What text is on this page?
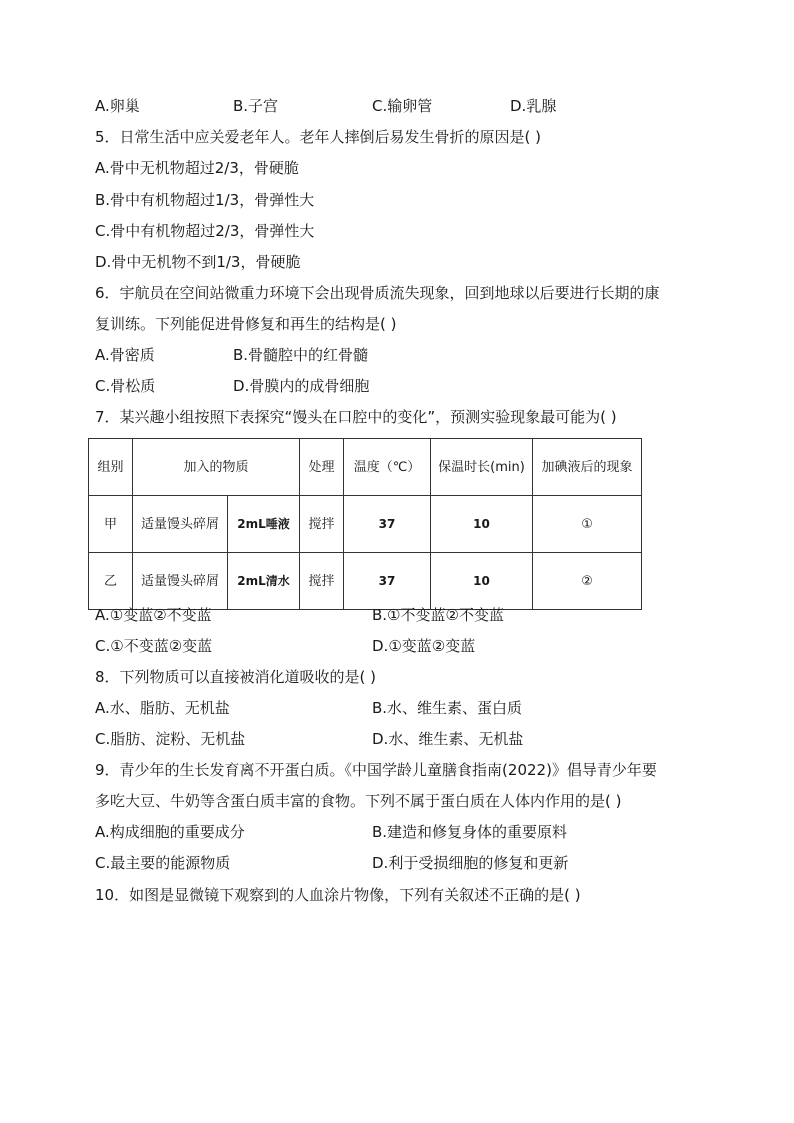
A.卵巢	B.子宫	C.输卵管	D.乳腺
5．日常生活中应关爱老年人。老年人摔倒后易发生骨折的原因是( )
A.骨中无机物超过2/3，骨硬脆
B.骨中有机物超过1/3，骨弹性大
C.骨中有机物超过2/3，骨弹性大
D.骨中无机物不到1/3，骨硬脆
6．宇航员在空间站微重力环境下会出现骨质流失现象，回到地球以后要进行长期的康
复训练。下列能促进骨修复和再生的结构是( )
A.骨密质	B.骨髓腔中的红骨髓
C.骨松质	D.骨膜内的成骨细胞
7．某兴趣小组按照下表探究“馒头在口腔中的变化”，预测实验现象最可能为( )
组别	加入的物质		处理	温度（℃）	保温时长(min)	加碘液后的现象
甲	适量馒头碎屑	2mL唾液	搅拌	37	10	①
乙	适量馒头碎屑	2mL清水	搅拌	37	10	②
A.①变蓝②不变蓝	B.①不变蓝②不变蓝
C.①不变蓝②变蓝	D.①变蓝②变蓝
8．下列物质可以直接被消化道吸收的是( )
A.水、脂肪、无机盐	B.水、维生素、蛋白质
C.脂肪、淀粉、无机盐	D.水、维生素、无机盐
9．青少年的生长发育离不开蛋白质。《中国学龄儿童膳食指南(2022)》倡导青少年要
多吃大豆、牛奶等含蛋白质丰富的食物。下列不属于蛋白质在人体内作用的是( )
A.构成细胞的重要成分	B.建造和修复身体的重要原料
C.最主要的能源物质	D.利于受损细胞的修复和更新
10．如图是显微镜下观察到的人血涂片物像，下列有关叙述不正确的是( )
